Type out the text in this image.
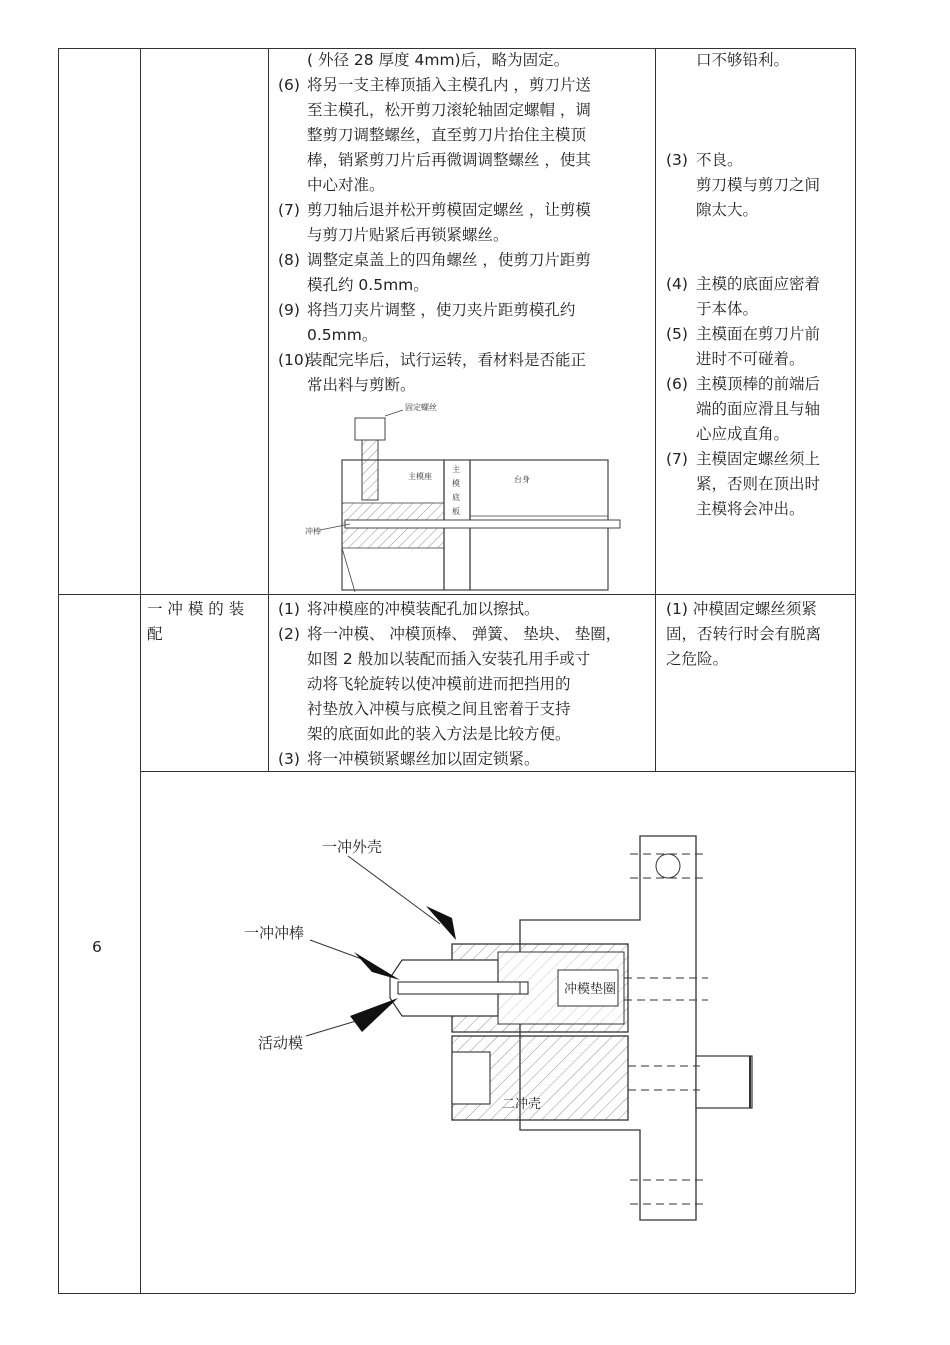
( 外径 28 厚度 4mm)后，略为固定。
(6) 将另一支主棒顶插入主模孔内 ，剪刀片送
至主模孔，松开剪刀滚轮轴固定螺帽 ，调
整剪刀调整螺丝，直至剪刀片抬住主模顶
棒，销紧剪刀片后再微调调整螺丝 ，使其
中心对准。
(7) 剪刀轴后退并松开剪模固定螺丝 ，让剪模
与剪刀片贴紧后再锁紧螺丝。
(8) 调整定桌盖上的四角螺丝 ，使剪刀片距剪
模孔约 0.5mm。
(9) 将挡刀夹片调整 ，使刀夹片距剪模孔约
0.5mm。
(10)
装配完毕后，试行运转，看材料是否能正
常出料与剪断。
口不够铅利。
(3) 不良。
剪刀模与剪刀之间
隙太大。
(4) 主模的底面应密着
于本体。
(5) 主模面在剪刀片前
进时不可碰着。
(6) 主模顶棒的前端后
端的面应滑且与轴
心应成直角。
(7) 主模固定螺丝须上
紧，否则在顶出时
主模将会冲出。
固定螺丝
主模座
主
模
底
板
台身
冲棒
6
一 冲 模 的 装
配
(1) 将冲模座的冲模装配孔加以擦拭。
(2) 将一冲模、 冲模顶棒、 弹簧、 垫块、 垫圈，
如图 2 般加以装配而插入安装孔用手或寸
动将飞轮旋转以使冲模前进而把挡用的
衬垫放入冲模与底模之间且密着于支持
架的底面如此的装入方法是比较方便。
(3) 将一冲模锁紧螺丝加以固定锁紧。
(1) 冲模固定螺丝须紧
固，否转行时会有脱离
之危险。
冲模垫圈
二冲壳
一冲外壳
一冲冲棒
活动模
